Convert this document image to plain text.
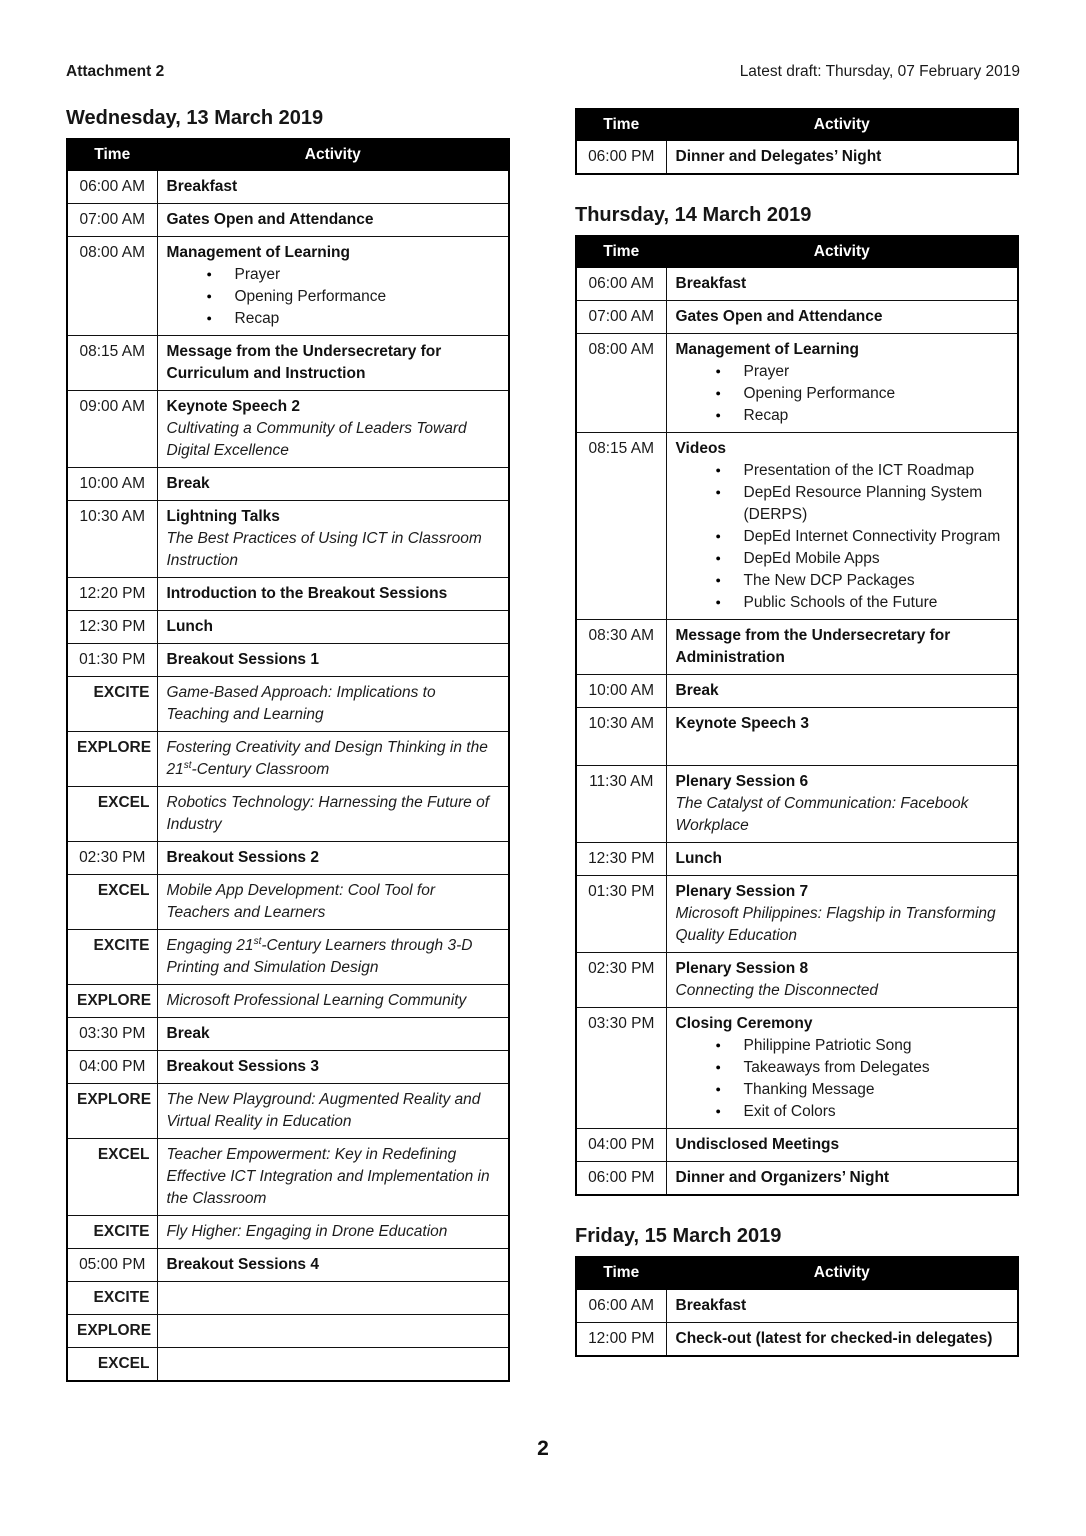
Attachment 2	Latest draft: Thursday, 07 February 2019
Wednesday, 13 March 2019
Time	Activity
06:00 AM	Breakfast

07:00 AM	Gates Open and Attendance

08:00 AM	Management of Learning
● Prayer
● Opening Performance
● Recap

08:15 AM	Message from the Undersecretary for Curriculum and Instruction

09:00 AM	Keynote Speech 2
Cultivating a Community of Leaders Toward Digital Excellence

10:00 AM	Break

10:30 AM	Lightning Talks
The Best Practices of Using ICT in Classroom Instruction

12:20 PM	Introduction to the Breakout Sessions

12:30 PM	Lunch

01:30 PM	Breakout Sessions 1

EXCITE	Game-Based Approach: Implications to Teaching and Learning

EXPLORE	Fostering Creativity and Design Thinking in the 21st-Century Classroom

EXCEL	Robotics Technology: Harnessing the Future of Industry

02:30 PM	Breakout Sessions 2

EXCEL	Mobile App Development: Cool Tool for Teachers and Learners

EXCITE	Engaging 21st-Century Learners through 3-D Printing and Simulation Design

EXPLORE	Microsoft Professional Learning Community

03:30 PM	Break

04:00 PM	Breakout Sessions 3

EXPLORE	The New Playground: Augmented Reality and Virtual Reality in Education

EXCEL	Teacher Empowerment: Key in Redefining Effective ICT Integration and Implementation in the Classroom

EXCITE	Fly Higher: Engaging in Drone Education

05:00 PM	Breakout Sessions 4

EXCITE	

EXPLORE	

EXCEL	
Time	Activity
06:00 PM	Dinner and Delegates’ Night
Thursday, 14 March 2019
Time	Activity
06:00 AM	Breakfast

07:00 AM	Gates Open and Attendance

08:00 AM	Management of Learning
● Prayer
● Opening Performance
● Recap

08:15 AM	Videos
● Presentation of the ICT Roadmap
● DepEd Resource Planning System (DERPS)
● DepEd Internet Connectivity Program
● DepEd Mobile Apps
● The New DCP Packages
● Public Schools of the Future

08:30 AM	Message from the Undersecretary for Administration

10:00 AM	Break

10:30 AM	Keynote Speech 3

11:30 AM	Plenary Session 6
The Catalyst of Communication: Facebook Workplace

12:30 PM	Lunch

01:30 PM	Plenary Session 7
Microsoft Philippines: Flagship in Transforming Quality Education

02:30 PM	Plenary Session 8
Connecting the Disconnected

03:30 PM	Closing Ceremony
● Philippine Patriotic Song
● Takeaways from Delegates
● Thanking Message
● Exit of Colors

04:00 PM	Undisclosed Meetings

06:00 PM	Dinner and Organizers’ Night
Friday, 15 March 2019
Time	Activity
06:00 AM	Breakfast

12:00 PM	Check-out (latest for checked-in delegates)
2
